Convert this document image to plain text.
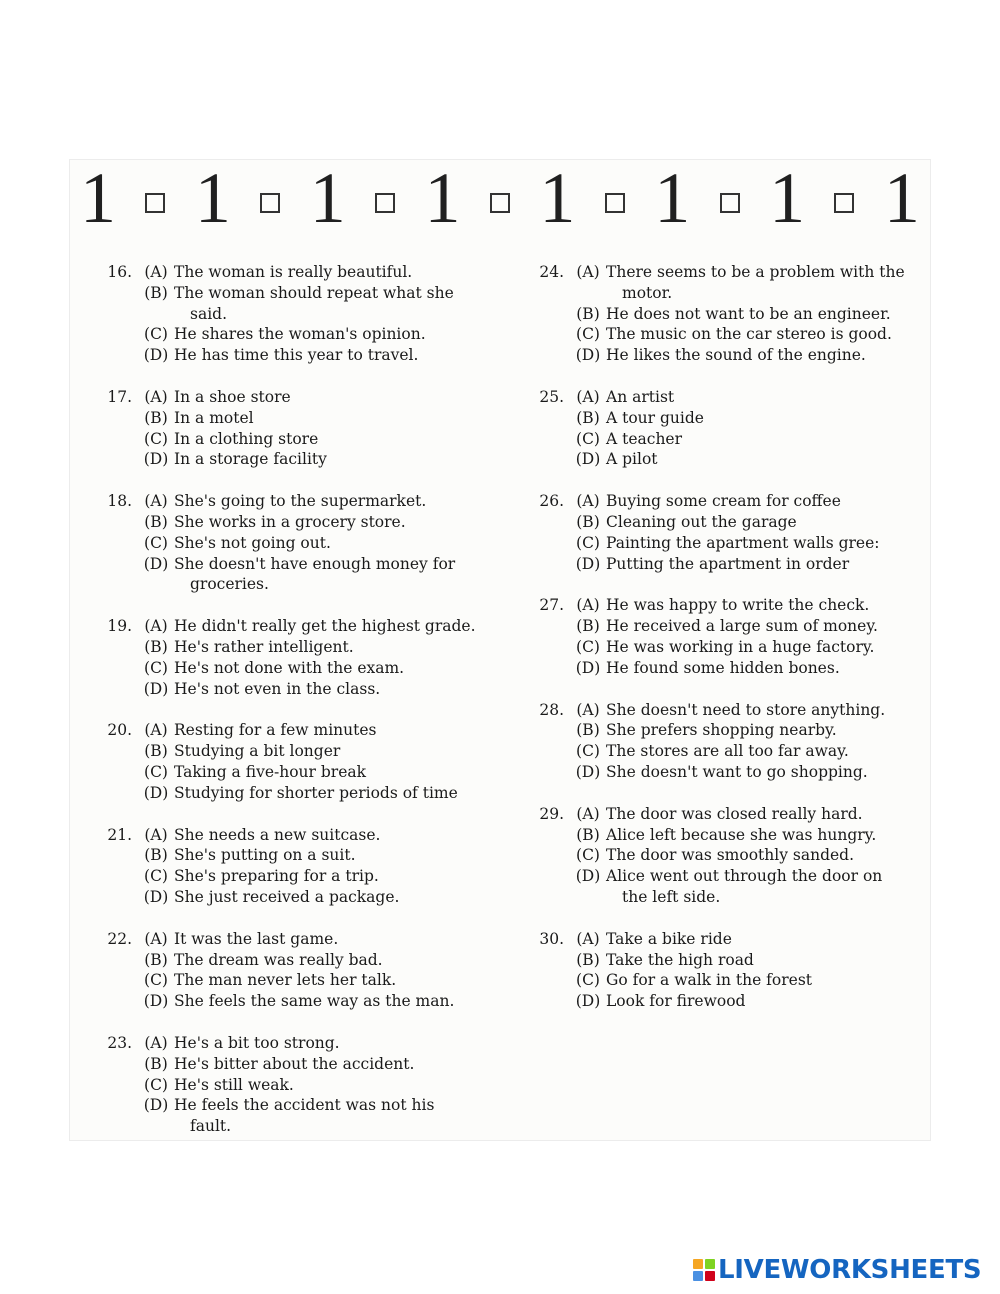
1 1 1 1 1 1 1 1
16. (A) The woman is really beautiful.
(B) The woman should repeat what she
said.
(C) He shares the woman's opinion.
(D) He has time this year to travel.
17. (A) In a shoe store
(B) In a motel
(C) In a clothing store
(D) In a storage facility
18. (A) She's going to the supermarket.
(B) She works in a grocery store.
(C) She's not going out.
(D) She doesn't have enough money for
groceries.
19. (A) He didn't really get the highest grade.
(B) He's rather intelligent.
(C) He's not done with the exam.
(D) He's not even in the class.
20. (A) Resting for a few minutes
(B) Studying a bit longer
(C) Taking a five-hour break
(D) Studying for shorter periods of time
21. (A) She needs a new suitcase.
(B) She's putting on a suit.
(C) She's preparing for a trip.
(D) She just received a package.
22. (A) It was the last game.
(B) The dream was really bad.
(C) The man never lets her talk.
(D) She feels the same way as the man.
23. (A) He's a bit too strong.
(B) He's bitter about the accident.
(C) He's still weak.
(D) He feels the accident was not his
fault.
24. (A) There seems to be a problem with the
motor.
(B) He does not want to be an engineer.
(C) The music on the car stereo is good.
(D) He likes the sound of the engine.
25. (A) An artist
(B) A tour guide
(C) A teacher
(D) A pilot
26. (A) Buying some cream for coffee
(B) Cleaning out the garage
(C) Painting the apartment walls gree:
(D) Putting the apartment in order
27. (A) He was happy to write the check.
(B) He received a large sum of money.
(C) He was working in a huge factory.
(D) He found some hidden bones.
28. (A) She doesn't need to store anything.
(B) She prefers shopping nearby.
(C) The stores are all too far away.
(D) She doesn't want to go shopping.
29. (A) The door was closed really hard.
(B) Alice left because she was hungry.
(C) The door was smoothly sanded.
(D) Alice went out through the door on
the left side.
30. (A) Take a bike ride
(B) Take the high road
(C) Go for a walk in the forest
(D) Look for firewood
LIVEWORKSHEETS
